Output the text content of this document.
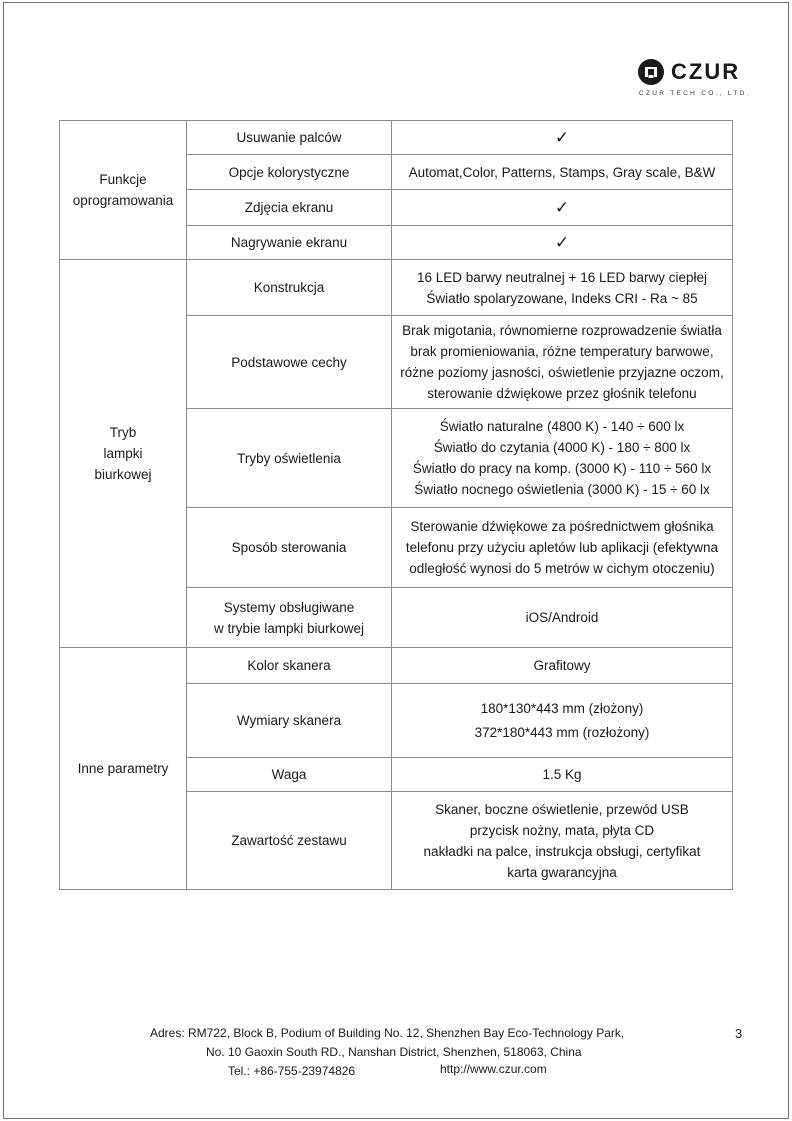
CZUR
CZUR TECH CO., LTD.
Funkcje
oprogramowania	Usuwanie palców	✓

	Opcje kolorystyczne	Automat,Color, Patterns, Stamps, Gray scale, B&W

	Zdjęcia ekranu	✓

	Nagrywanie ekranu	✓

Tryb
lampki
biurkowej	Konstrukcja	16 LED barwy neutralnej + 16 LED barwy ciepłej
Światło spolaryzowane, Indeks CRI - Ra ~ 85

	Podstawowe cechy	Brak migotania, równomierne rozprowadzenie światła
brak promieniowania, różne temperatury barwowe,
różne poziomy jasności, oświetlenie przyjazne oczom,
sterowanie dźwiękowe przez głośnik telefonu

	Tryby oświetlenia	Światło naturalne (4800 K) - 140 ÷ 600 lx
Światło do czytania (4000 K) - 180 ÷ 800 lx
Światło do pracy na komp. (3000 K) - 110 ÷ 560 lx
Światło nocnego oświetlenia (3000 K) - 15 ÷ 60 lx

	Sposób sterowania	Sterowanie dźwiękowe za pośrednictwem głośnika
telefonu przy użyciu apletów lub aplikacji (efektywna
odległość wynosi do 5 metrów w cichym otoczeniu)

	Systemy obsługiwane
w trybie lampki biurkowej	iOS/Android

Inne parametry	Kolor skanera	Grafitowy

	Wymiary skanera	180*130*443 mm (złożony)
372*180*443 mm (rozłożony)

	Waga	1.5 Kg

	Zawartość zestawu	Skaner, boczne oświetlenie, przewód USB
przycisk nożny, mata, płyta CD
nakładki na palce, instrukcja obsługi, certyfikat
karta gwarancyjna
Adres: RM722, Block B, Podium of Building No. 12, Shenzhen Bay Eco-Technology Park,
No. 10 Gaoxin South RD., Nanshan District, Shenzhen, 518063, China
Tel.: +86-755-23974826	http://www.czur.com
3
